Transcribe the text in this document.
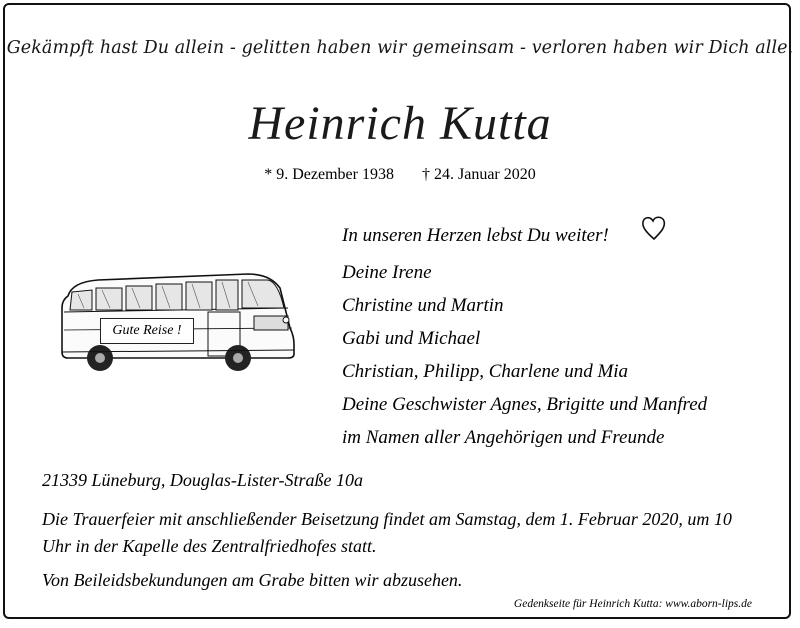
Gekämpft hast Du allein - gelitten haben wir gemeinsam - verloren haben wir Dich alle.
Heinrich Kutta
* 9. Dezember 1938 † 24. Januar 2020
Gute Reise !
In unseren Herzen lebst Du weiter!
Deine Irene
Christine und Martin
Gabi und Michael
Christian, Philipp, Charlene und Mia
Deine Geschwister Agnes, Brigitte und Manfred
im Namen aller Angehörigen und Freunde
21339 Lüneburg, Douglas-Lister-Straße 10a
Die Trauerfeier mit anschließender Beisetzung findet am Samstag, dem 1. Februar 2020, um 10 Uhr in der Kapelle des Zentralfriedhofes statt.
Von Beileidsbekundungen am Grabe bitten wir abzusehen.
Gedenkseite für Heinrich Kutta: www.aborn-lips.de
